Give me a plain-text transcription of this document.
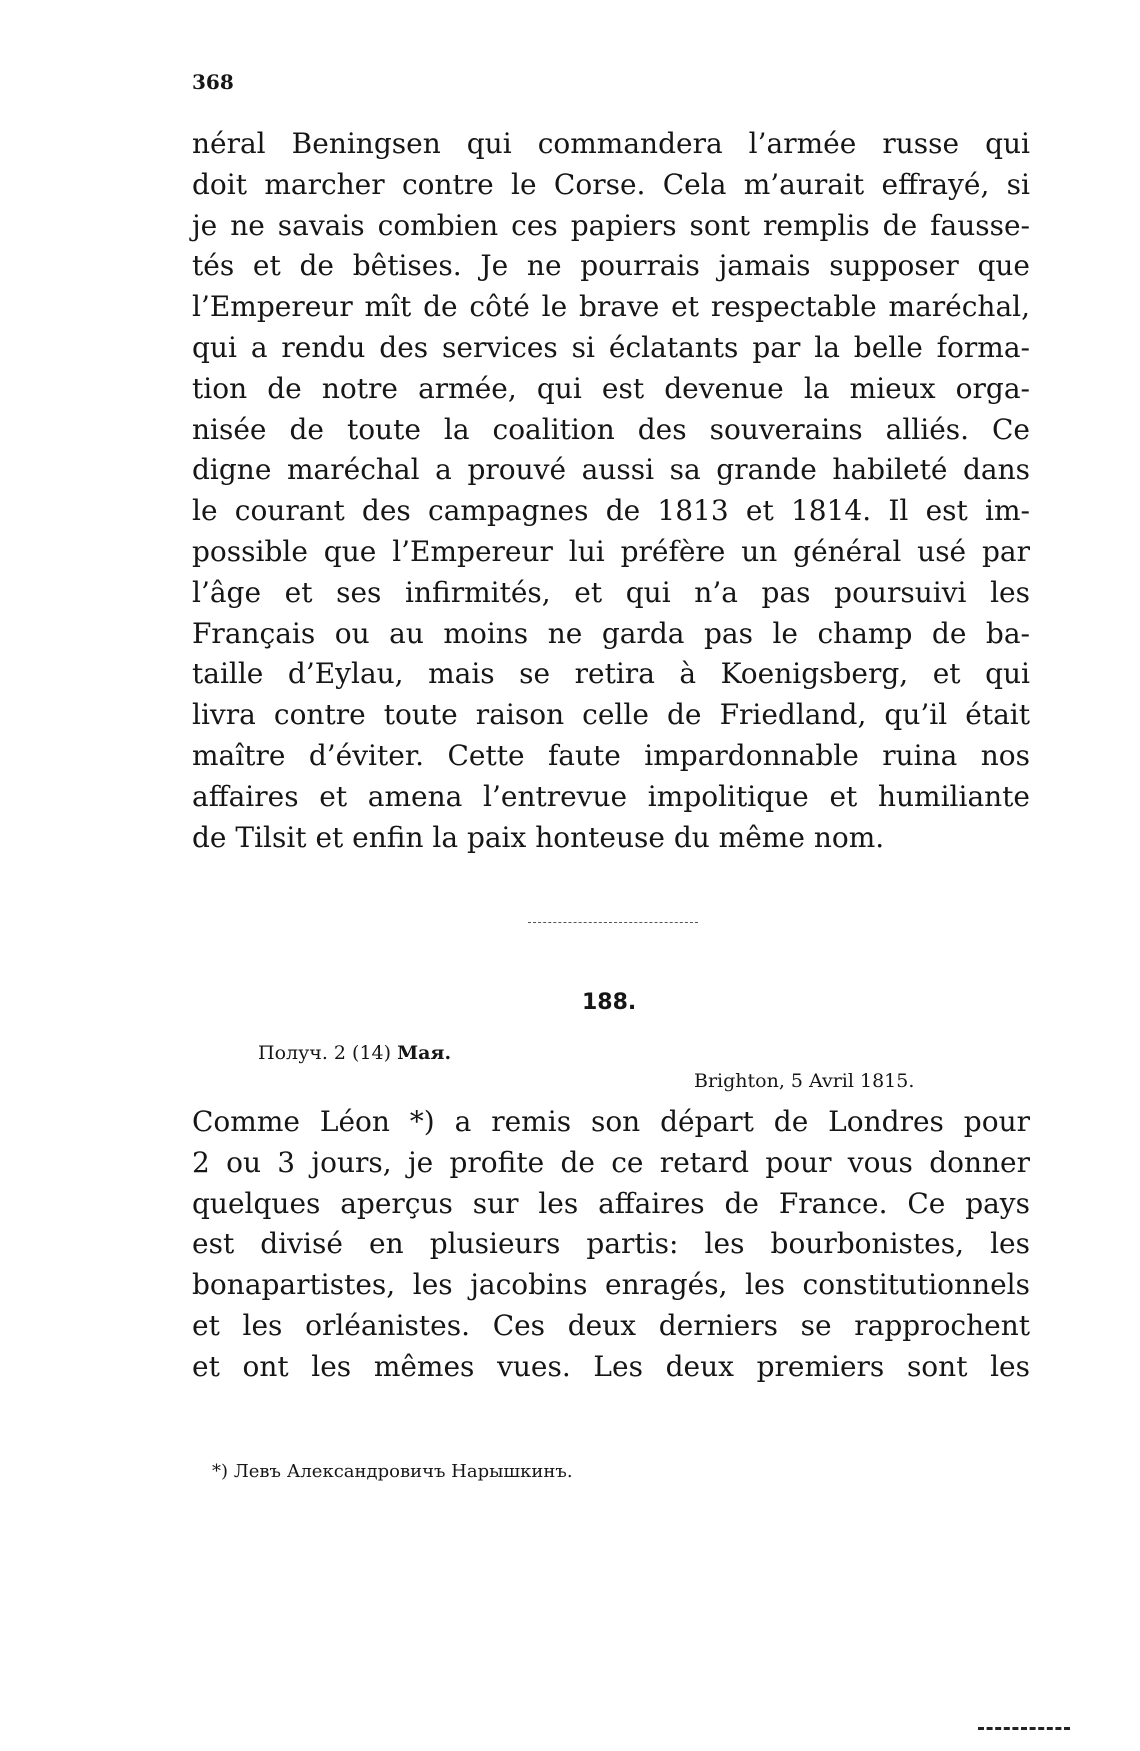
368
néral Beningsen qui commandera l’armée russe qui
doit marcher contre le Corse. Cela m’aurait effrayé, si
je ne savais combien ces papiers sont remplis de fausse-
tés et de bêtises. Je ne pourrais jamais supposer que
l’Empereur mît de côté le brave et respectable maréchal,
qui a rendu des services si éclatants par la belle forma-
tion de notre armée, qui est devenue la mieux orga-
nisée de toute la coalition des souverains alliés. Ce
digne maréchal a prouvé aussi sa grande habileté dans
le courant des campagnes de 1813 et 1814. Il est im-
possible que l’Empereur lui préfère un général usé par
l’âge et ses infirmités, et qui n’a pas poursuivi les
Français ou au moins ne garda pas le champ de ba-
taille d’Eylau, mais se retira à Koenigsberg, et qui
livra contre toute raison celle de Friedland, qu’il était
maître d’éviter. Cette faute impardonnable ruina nos
affaires et amena l’entrevue impolitique et humiliante
de Tilsit et enfin la paix honteuse du même nom.
188.
Получ. 2 (14) Мая.
Brighton, 5 Avril 1815.
Comme Léon *) a remis son départ de Londres pour
2 ou 3 jours, je profite de ce retard pour vous donner
quelques aperçus sur les affaires de France. Ce pays
est divisé en plusieurs partis: les bourbonistes, les
bonapartistes, les jacobins enragés, les constitutionnels
et les orléanistes. Ces deux derniers se rapprochent
et ont les mêmes vues. Les deux premiers sont les
*) Левъ Александровичъ Нарышкинъ.
